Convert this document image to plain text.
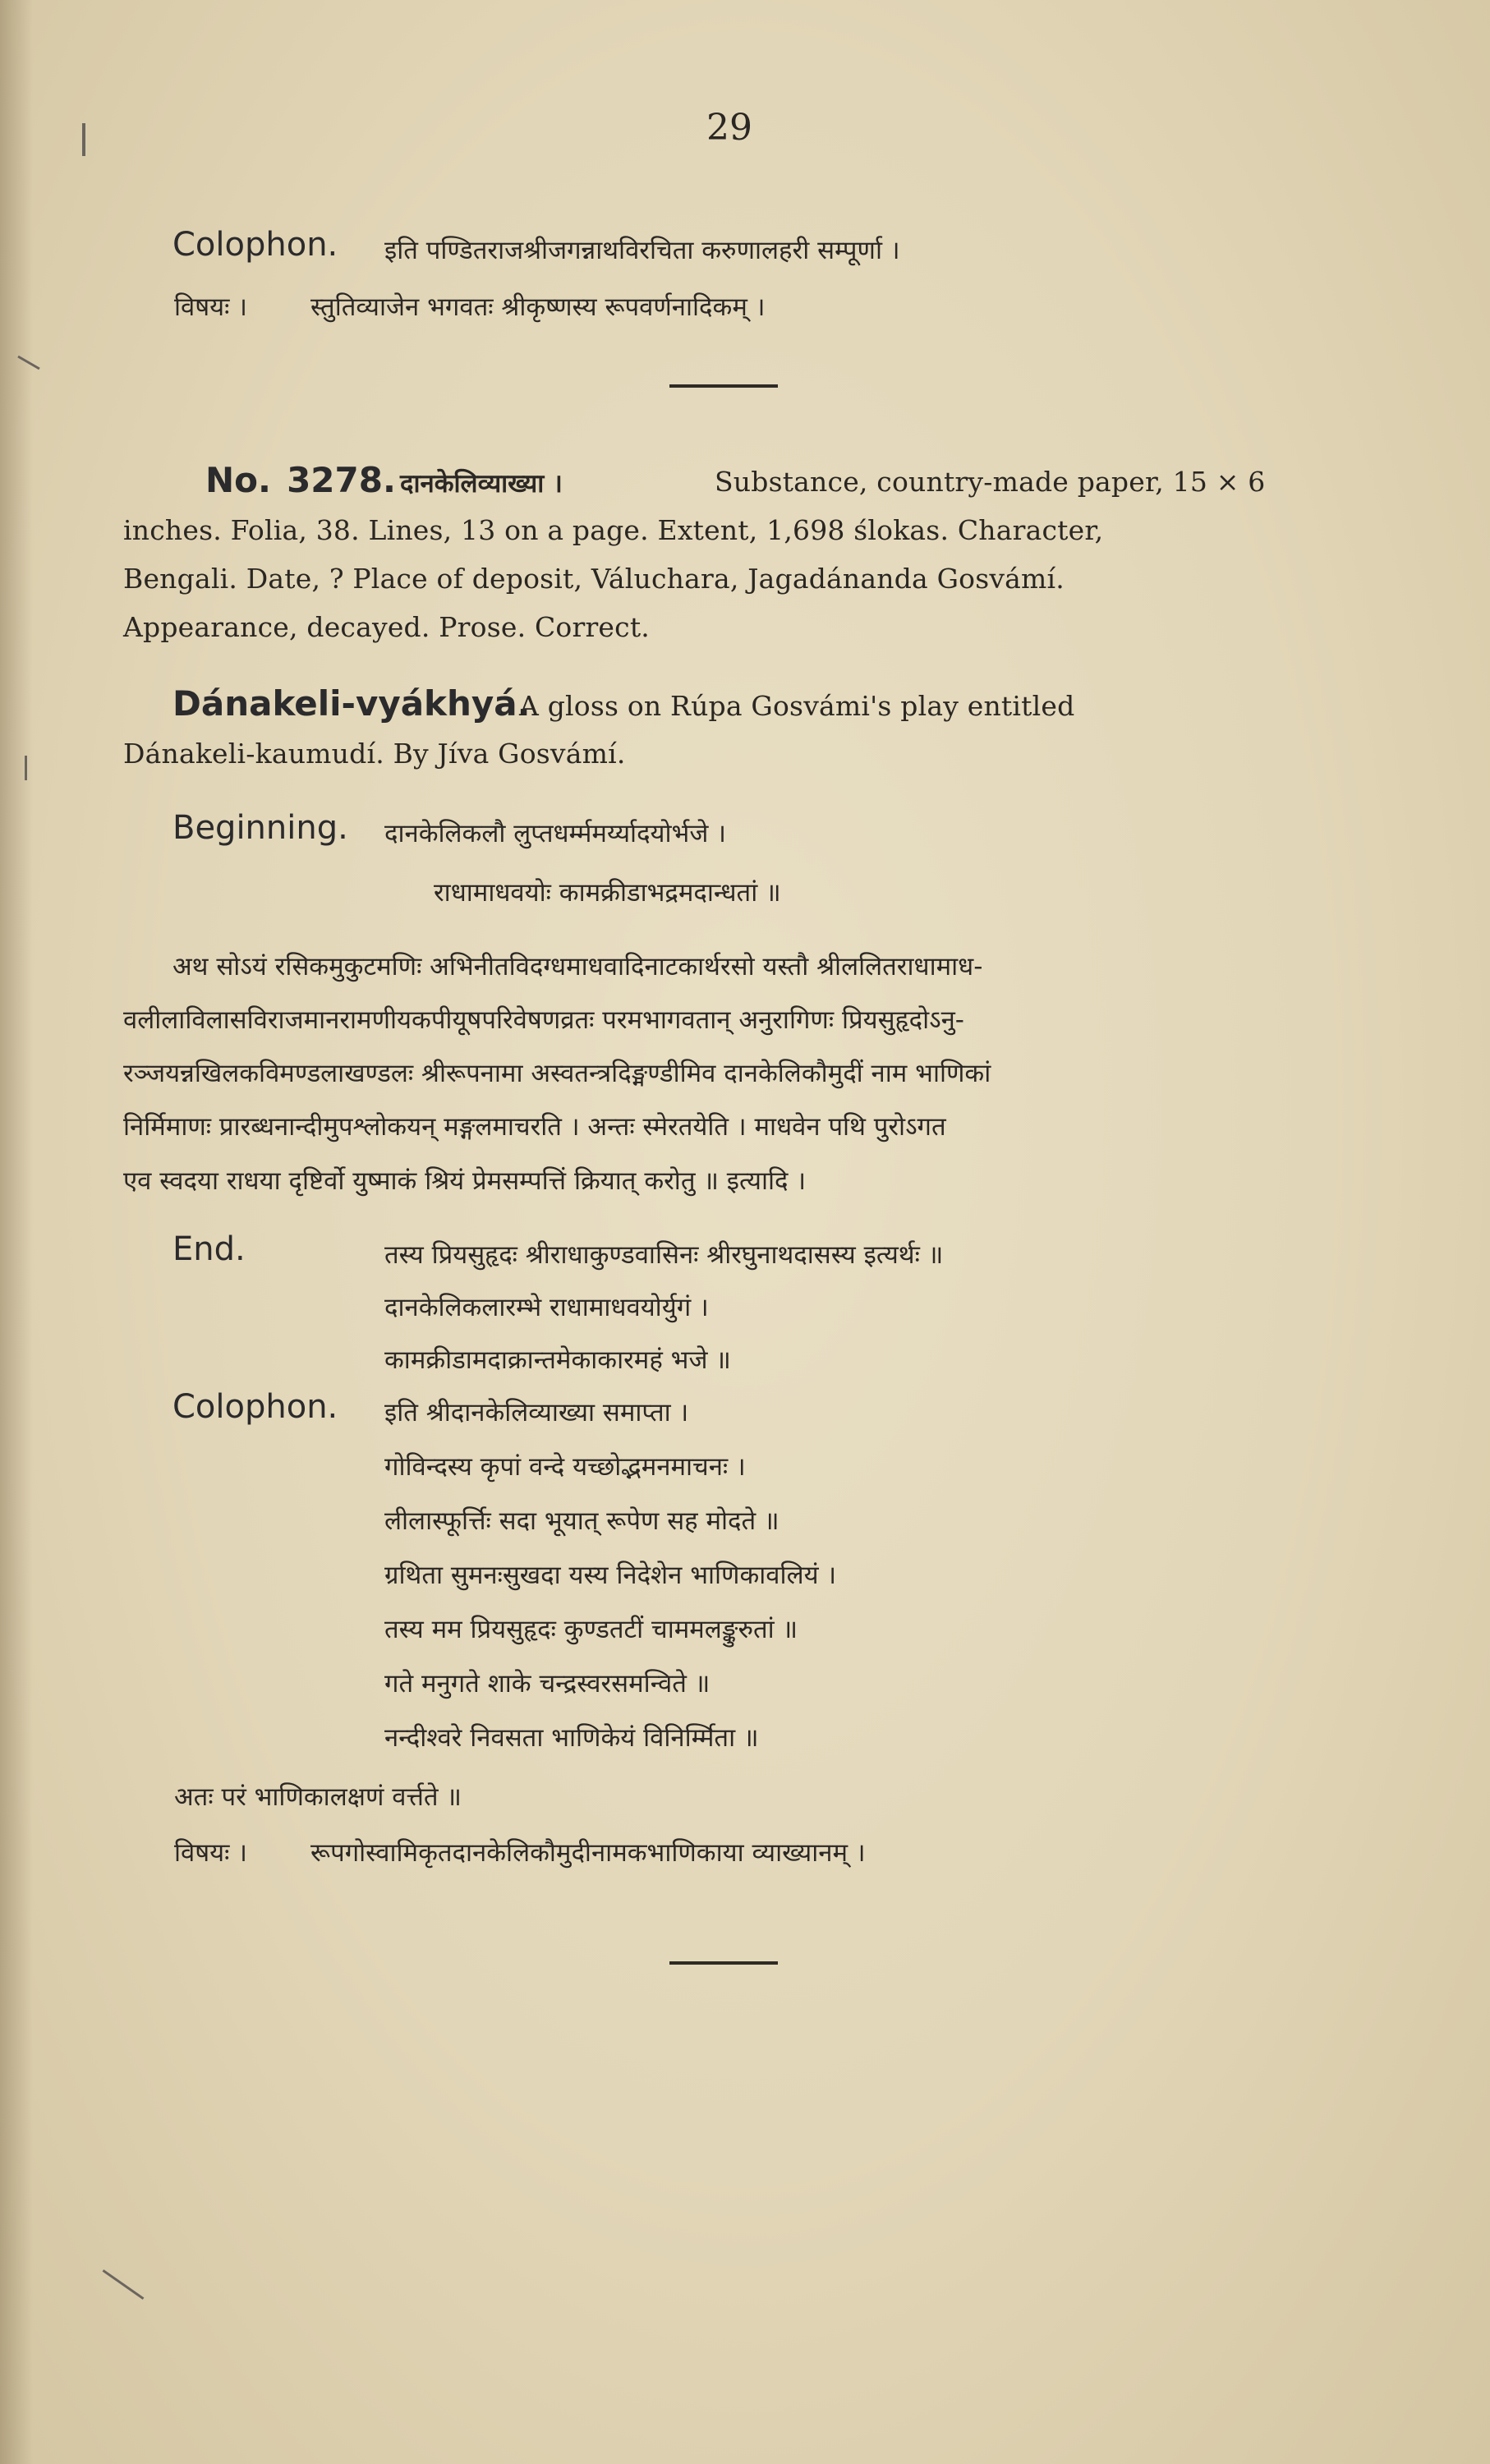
29
Colophon. इति पण्डितराजश्रीजगन्नाथविरचिता करुणालहरी सम्पूर्णा ।
विषयः । स्तुतिव्याजेन भगवतः श्रीकृष्णस्य रूपवर्णनादिकम् ।
No. 3278. दानकेलिव्याख्या ।	Substance, country-made paper, 15 × 6
inches. Folia, 38. Lines, 13 on a page. Extent, 1,698 ślokas. Character,
Bengali. Date, ? Place of deposit, Váluchara, Jagadánanda Gosvámí.
Appearance, decayed. Prose. Correct.
Dánakeli-vyákhyá.
A gloss on Rúpa Gosvámi's play entitled
Dánakeli-kaumudí. By Jíva Gosvámí.
Beginning. दानकेलिकलौ लुप्तधर्म्ममर्य्यादयोर्भजे ।
राधामाधवयोः कामक्रीडाभद्रमदान्धतां ॥
अथ सोऽयं रसिकमुकुटमणिः अभिनीतविदग्धमाधवादिनाटकार्थरसो यस्तौ श्रीललितराधामाध-
वलीलाविलासविराजमानरामणीयकपीयूषपरिवेषणव्रतः परमभागवतान् अनुरागिणः प्रियसुहृदोऽनु-
रञ्जयन्नखिलकविमण्डलाखण्डलः श्रीरूपनामा अस्वतन्त्रदिङ्मण्डीमिव दानकेलिकौमुदीं नाम भाणिकां
निर्मिमाणः प्रारब्धनान्दीमुपश्लोकयन् मङ्गलमाचरति । अन्तः स्मेरतयेति । माधवेन पथि पुरोऽगत
एव स्वदया राधया दृष्टिर्वो युष्माकं श्रियं प्रेमसम्पत्तिं क्रियात् करोतु ॥ इत्यादि ।
End.	तस्य प्रियसुहृदः श्रीराधाकुण्डवासिनः श्रीरघुनाथदासस्य इत्यर्थः ॥
दानकेलिकलारम्भे राधामाधवयोर्युगं ।
कामक्रीडामदाक्रान्तमेकाकारमहं भजे ॥
Colophon. इति श्रीदानकेलिव्याख्या समाप्ता ।
गोविन्दस्य कृपां वन्दे यच्छोद्भमनमाचनः ।
लीलास्फूर्त्तिः सदा भूयात् रूपेण सह मोदते ॥
ग्रथिता सुमनःसुखदा यस्य निदेशेन भाणिकावलियं ।
तस्य मम प्रियसुहृदः कुण्डतटीं चाममलङ्कुरुतां ॥
गते मनुगते शाके चन्द्रस्वरसमन्विते ॥
नन्दीश्वरे निवसता भाणिकेयं विनिर्म्मिता ॥
अतः परं भाणिकालक्षणं वर्त्तते ॥
विषयः । रूपगोस्वामिकृतदानकेलिकौमुदीनामकभाणिकाया व्याख्यानम् ।
